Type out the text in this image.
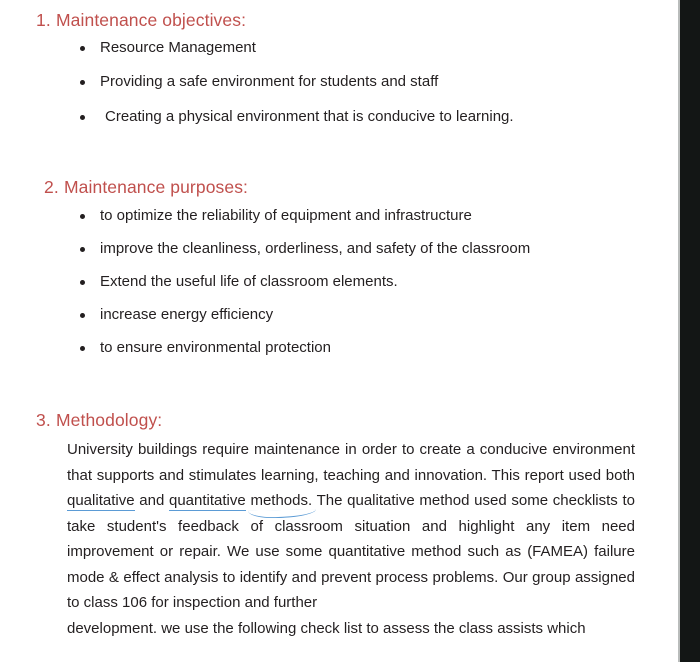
1. Maintenance objectives:
Resource Management
Providing a safe environment for students and staff
Creating a physical environment that is conducive to learning.
2. Maintenance purposes:
to optimize the reliability of equipment and infrastructure
improve the cleanliness, orderliness, and safety of the classroom
Extend the useful life of classroom elements.
increase energy efficiency
to ensure environmental protection
3. Methodology:
University buildings require maintenance in order to create a conducive environment that supports and stimulates learning, teaching and innovation. This report used both qualitative and quantitative methods. The qualitative method used some checklists to take student's feedback of classroom situation and highlight any item need improvement or repair. We use some quantitative method such as (FAMEA) failure mode & effect analysis to identify and prevent process problems. Our group assigned to class 106 for inspection and further
development. we use the following check list to assess the class assists which
